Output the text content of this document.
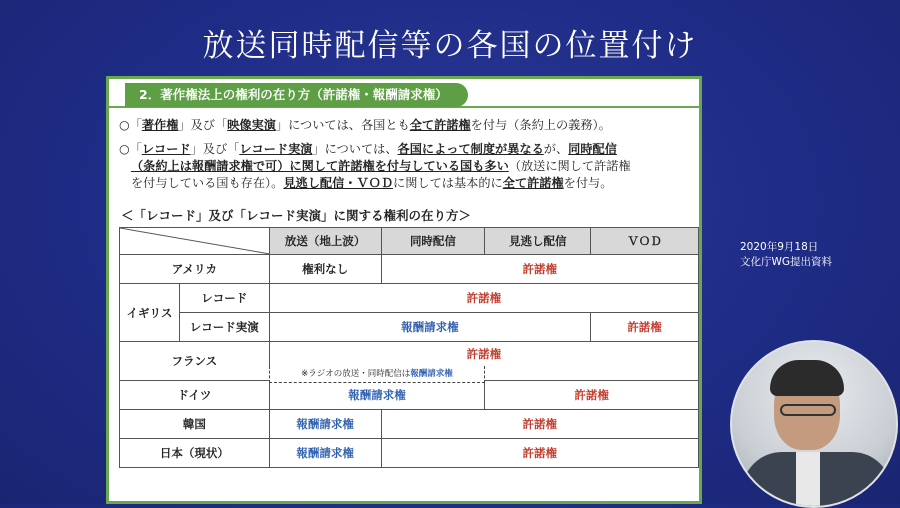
放送同時配信等の各国の位置付け
2．著作権法上の権利の在り方（許諾権・報酬請求権）
○「著作権」及び「映像実演」については、各国とも全て許諾権を付与（条約上の義務）。
○「レコード」及び「レコード実演」については、各国によって制度が異なるが、同時配信
（条約上は報酬請求権で可）に関して許諾権を付与している国も多い（放送に関して許諾権
を付与している国も存在）。見逃し配信・ＶＯＤに関しては基本的に全て許諾権を付与。
＜「レコード」及び「レコード実演」に関する権利の在り方＞
	放送（地上波）	同時配信	見逃し配信	ＶＯＤ
アメリカ		権利なし	許諾権		
イギリス	レコード	許諾権			
	レコード実演	報酬請求権			許諾権
フランス		許諾権			
ドイツ		報酬請求権		許諾権	
韓国		報酬請求権	許諾権		
日本（現状）		報酬請求権	許諾権		
※ラジオの放送・同時配信は報酬請求権
2020年9月18日
文化庁WG提出資料
